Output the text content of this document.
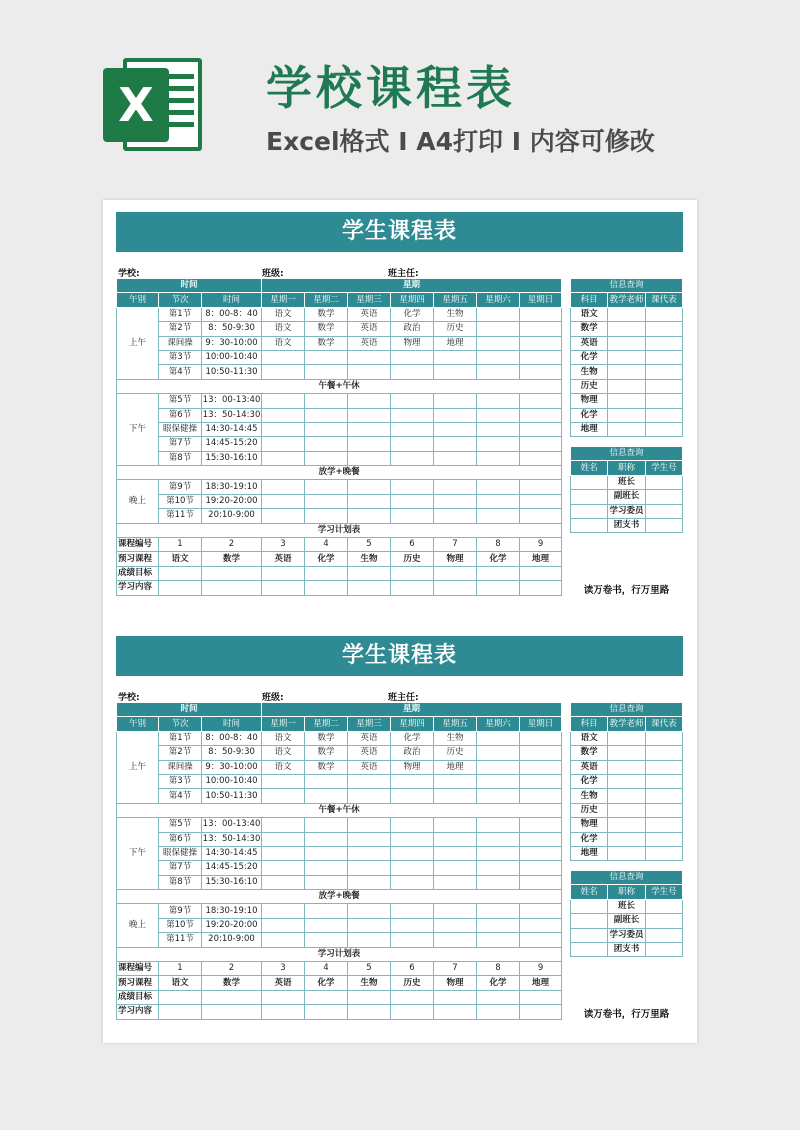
X	学校课程表
Excel格式 I A4打印 I 内容可修改
学生课程表
学校:	班级:	班主任:
时间			星期						
午别	节次	时间	星期一	星期二	星期三	星期四	星期五	星期六	星期日
上午	第1节	8：00-8：40	语文	数学	英语	化学	生物		
	第2节	8：50-9:30	语文	数学	英语	政治	历史		
	课间操	9：30-10:00	语文	数学	英语	物理	地理		
	第3节	10:00-10:40							
	第4节	10:50-11:30							
午餐+午休									
下午	第5节	13：00-13:40							
	第6节	13：50-14:30							
	眼保健操	14:30-14:45							
	第7节	14:45-15:20							
	第8节	15:30-16:10							
放学+晚餐									
晚上	第9节	18:30-19:10							
	第10节	19:20-20:00							
	第11节	20:10-9:00							
学习计划表									
课程编号	1	2	3	4	5	6	7	8	9
预习课程	语文	数学	英语	化学	生物	历史	物理	化学	地理
成绩目标									
学习内容									
信息查询		
科目	教学老师	课代表
语文		
数学		
英语		
化学		
生物		
历史		
物理		
化学		
地理		
信息查询		
姓名	职称	学生号
	班长	
	副班长	
	学习委员	
	团支书	
读万卷书，行万里路
学生课程表
学校:	班级:	班主任:
时间			星期						
午别	节次	时间	星期一	星期二	星期三	星期四	星期五	星期六	星期日
上午	第1节	8：00-8：40	语文	数学	英语	化学	生物		
	第2节	8：50-9:30	语文	数学	英语	政治	历史		
	课间操	9：30-10:00	语文	数学	英语	物理	地理		
	第3节	10:00-10:40							
	第4节	10:50-11:30							
午餐+午休									
下午	第5节	13：00-13:40							
	第6节	13：50-14:30							
	眼保健操	14:30-14:45							
	第7节	14:45-15:20							
	第8节	15:30-16:10							
放学+晚餐									
晚上	第9节	18:30-19:10							
	第10节	19:20-20:00							
	第11节	20:10-9:00							
学习计划表									
课程编号	1	2	3	4	5	6	7	8	9
预习课程	语文	数学	英语	化学	生物	历史	物理	化学	地理
成绩目标									
学习内容									
信息查询		
科目	教学老师	课代表
语文		
数学		
英语		
化学		
生物		
历史		
物理		
化学		
地理		
信息查询		
姓名	职称	学生号
	班长	
	副班长	
	学习委员	
	团支书	
读万卷书，行万里路
